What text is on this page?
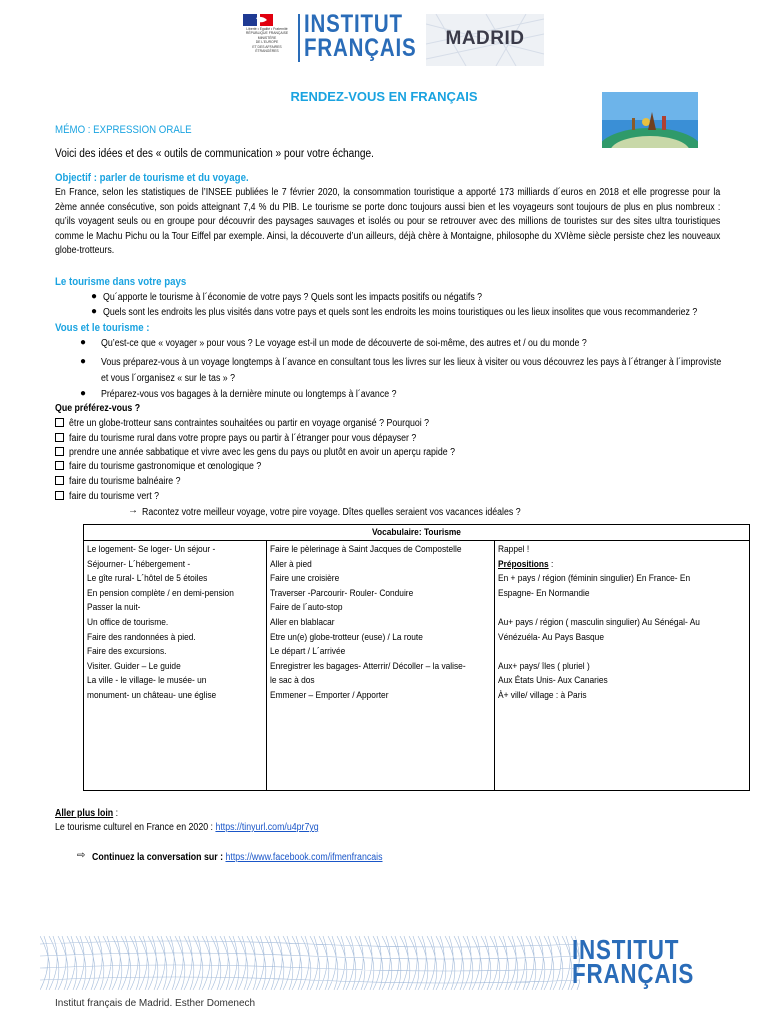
Liberté • Égalité • Fraternité
RÉPUBLIQUE FRANÇAISE
MINISTÈRE
DE L'EUROPE
ET DES AFFAIRES
ÉTRANGÈRES
INSTITUT
FRANÇAIS	MADRID
RENDEZ-VOUS EN FRANÇAIS
MÉMO : EXPRESSION ORALE
Voici des idées et des « outils de communication » pour votre échange.
Objectif : parler de tourisme et du voyage.
En France, selon les statistiques de l’INSEE publiées le 7 février 2020, la consommation touristique a apporté 173 milliards d´euros en 2018 et elle progresse pour la 2ème année consécutive, son poids atteignant 7,4 % du PIB. Le tourisme se porte donc toujours aussi bien et les voyageurs sont toujours de plus en plus nombreux : qu’ils voyagent seuls ou en groupe pour découvrir des paysages sauvages et isolés ou pour se retrouver avec des millions de touristes sur des sites ultra touristiques comme le Machu Pichu ou la Tour Eiffel par exemple. Ainsi, la découverte d’un ailleurs, déjà chère à Montaigne, philosophe du XVIème siècle persiste chez les nouveaux globe-trotteurs.
Le tourisme dans votre pays
● Qu´apporte le tourisme à l´économie de votre pays ? Quels sont les impacts positifs ou négatifs ?
● Quels sont les endroits les plus visités dans votre pays et quels sont les endroits les moins touristiques ou les lieux insolites que vous recommanderiez ?
Vous et le tourisme :
● Qu’est-ce que « voyager » pour vous ? Le voyage est-il un mode de découverte de soi-même, des autres et / ou du monde ?
● Vous préparez-vous à un voyage longtemps à l´avance en consultant tous les livres sur les lieux à visiter ou vous découvrez les pays à l´étranger à l´improviste
et vous l´organisez « sur le tas » ?
● Préparez-vous vos bagages à la dernière minute ou longtemps à l´avance ?
Que préférez-vous ?
être un globe-trotteur sans contraintes souhaitées ou partir en voyage organisé ? Pourquoi ?
faire du tourisme rural dans votre propre pays ou partir à l´étranger pour vous dépayser ?
prendre une année sabbatique et vivre avec les gens du pays ou plutôt en avoir un aperçu rapide ?
faire du tourisme gastronomique et œnologique ?
faire du tourisme balnéaire ?
faire du tourisme vert ?
→ Racontez votre meilleur voyage, votre pire voyage. Dîtes quelles seraient vos vacances idéales ?
Vocabulaire: Tourisme
Le logement- Se loger- Un séjour -
Séjourner- L´hébergement -
Le gîte rural- L´hôtel de 5 étoiles
En pension complète / en demi-pension
Passer la nuit-
Un office de tourisme.
Faire des randonnées à pied.
Faire des excursions.
Visiter. Guider – Le guide
La ville - le village- le musée- un
monument- un château- une église
Faire le pèlerinage à Saint Jacques de Compostelle
Aller à pied
Faire une croisière
Traverser -Parcourir- Rouler- Conduire
Faire de l´auto-stop
Aller en blablacar
Etre un(e) globe-trotteur (euse) / La route
Le départ / L´arrivée
Enregistrer les bagages- Atterrir/ Décoller – la valise-
le sac à dos
Emmener – Emporter / Apporter
Rappel !
Prépositions :
En + pays / région (féminin singulier) En France- En
Espagne- En Normandie
Au+ pays / région ( masculin singulier) Au Sénégal- Au
Vénézuéla- Au Pays Basque
Aux+ pays/ îles ( pluriel )
Aux États Unis- Aux Canaries
À+ ville/ village : à Paris
Aller plus loin :
Le tourisme culturel en France en 2020 : https://tinyurl.com/u4pr7yg
⇨ Continuez la conversation sur : https://www.facebook.com/ifmenfrancais
INSTITUT
FRANÇAIS
Institut français de Madrid. Esther Domenech
